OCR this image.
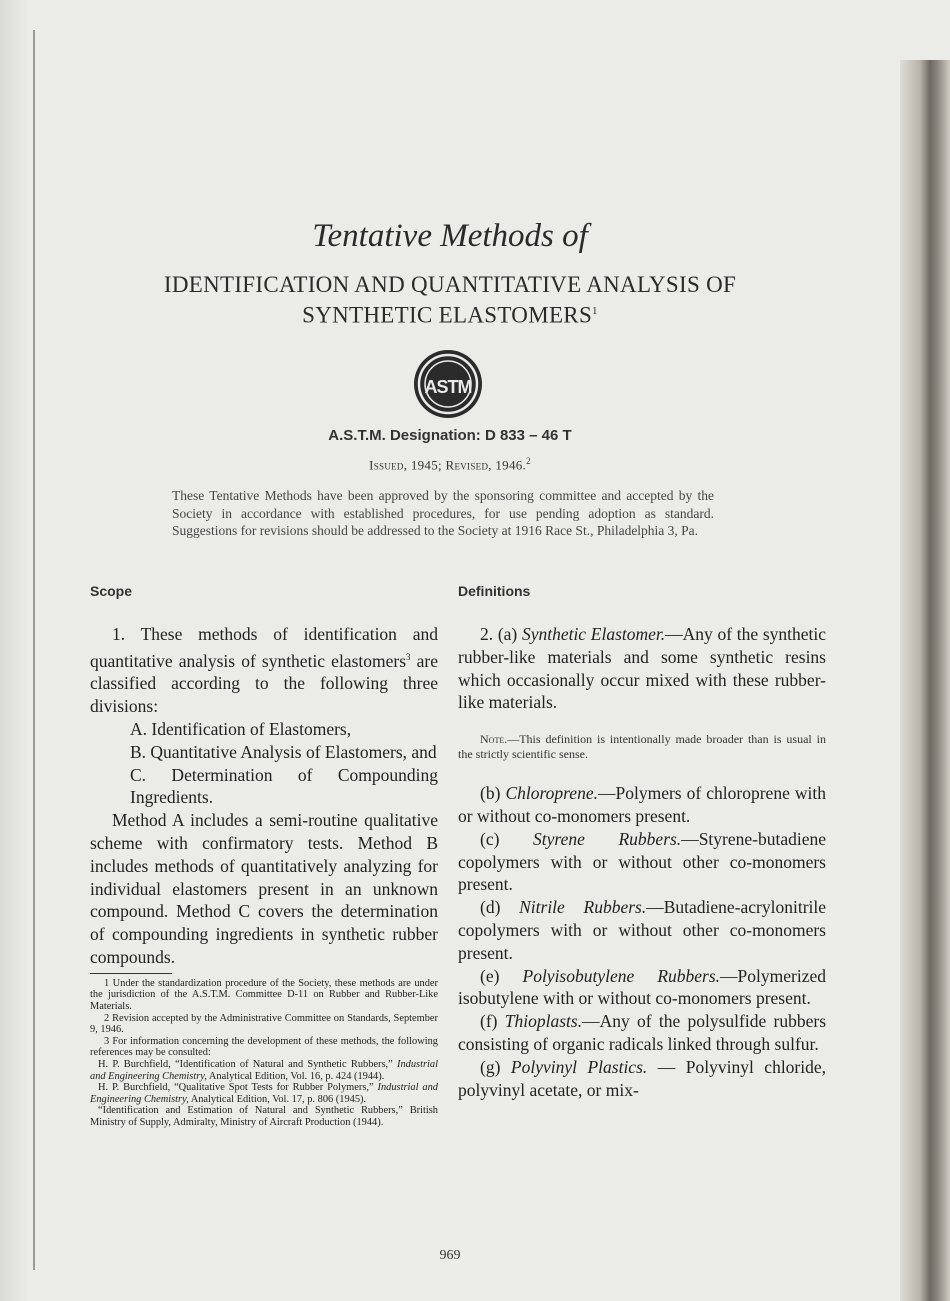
Tentative Methods of
IDENTIFICATION AND QUANTITATIVE ANALYSIS OF
SYNTHETIC ELASTOMERS$^1$
ASTM
A.S.T.M. Designation: D 833 – 46 T
Issued, 1945; Revised, 1946.$^2$
These Tentative Methods have been approved by the sponsoring committee and accepted by the Society in accordance with established procedures, for use pending adoption as standard. Suggestions for revisions should be addressed to the Society at 1916 Race St., Philadelphia 3, Pa.
Scope

1. These methods of identification and quantitative analysis of synthetic elastomers$^3$ are classified according to the following three divisions:

A. Identification of Elastomers,

B. Quantitative Analysis of Elastomers, and

C. Determination of Compounding Ingredients.

Method A includes a semi-routine qualitative scheme with confirmatory tests. Method B includes methods of quantitatively analyzing for individual elastomers present in an unknown compound. Method C covers the determination of compounding ingredients in synthetic rubber compounds.

1 Under the standardization procedure of the Society, these methods are under the jurisdiction of the A.S.T.M. Committee D-11 on Rubber and Rubber-Like Materials.

2 Revision accepted by the Administrative Committee on Standards, September 9, 1946.

3 For information concerning the development of these methods, the following references may be consulted:

H. P. Burchfield, “Identification of Natural and Synthetic Rubbers,” Industrial and Engineering Chemistry, Analytical Edition, Vol. 16, p. 424 (1944).

H. P. Burchfield, “Qualitative Spot Tests for Rubber Polymers,” Industrial and Engineering Chemistry, Analytical Edition, Vol. 17, p. 806 (1945).

“Identification and Estimation of Natural and Synthetic Rubbers,” British Ministry of Supply, Admiralty, Ministry of Aircraft Production (1944).

Definitions

2. (a) Synthetic Elastomer.—Any of the synthetic rubber-like materials and some synthetic resins which occasionally occur mixed with these rubber-like materials.

Note.—This definition is intentionally made broader than is usual in the strictly scientific sense.

(b) Chloroprene.—Polymers of chloroprene with or without co-monomers present.

(c) Styrene Rubbers.—Styrene-butadiene copolymers with or without other co-monomers present.

(d) Nitrile Rubbers.—Butadiene-acrylonitrile copolymers with or without other co-monomers present.

(e) Polyisobutylene Rubbers.—Polymerized isobutylene with or without co-monomers present.

(f) Thioplasts.—Any of the polysulfide rubbers consisting of organic radicals linked through sulfur.

(g) Polyvinyl Plastics. — Polyvinyl chloride, polyvinyl acetate, or mix-

969
